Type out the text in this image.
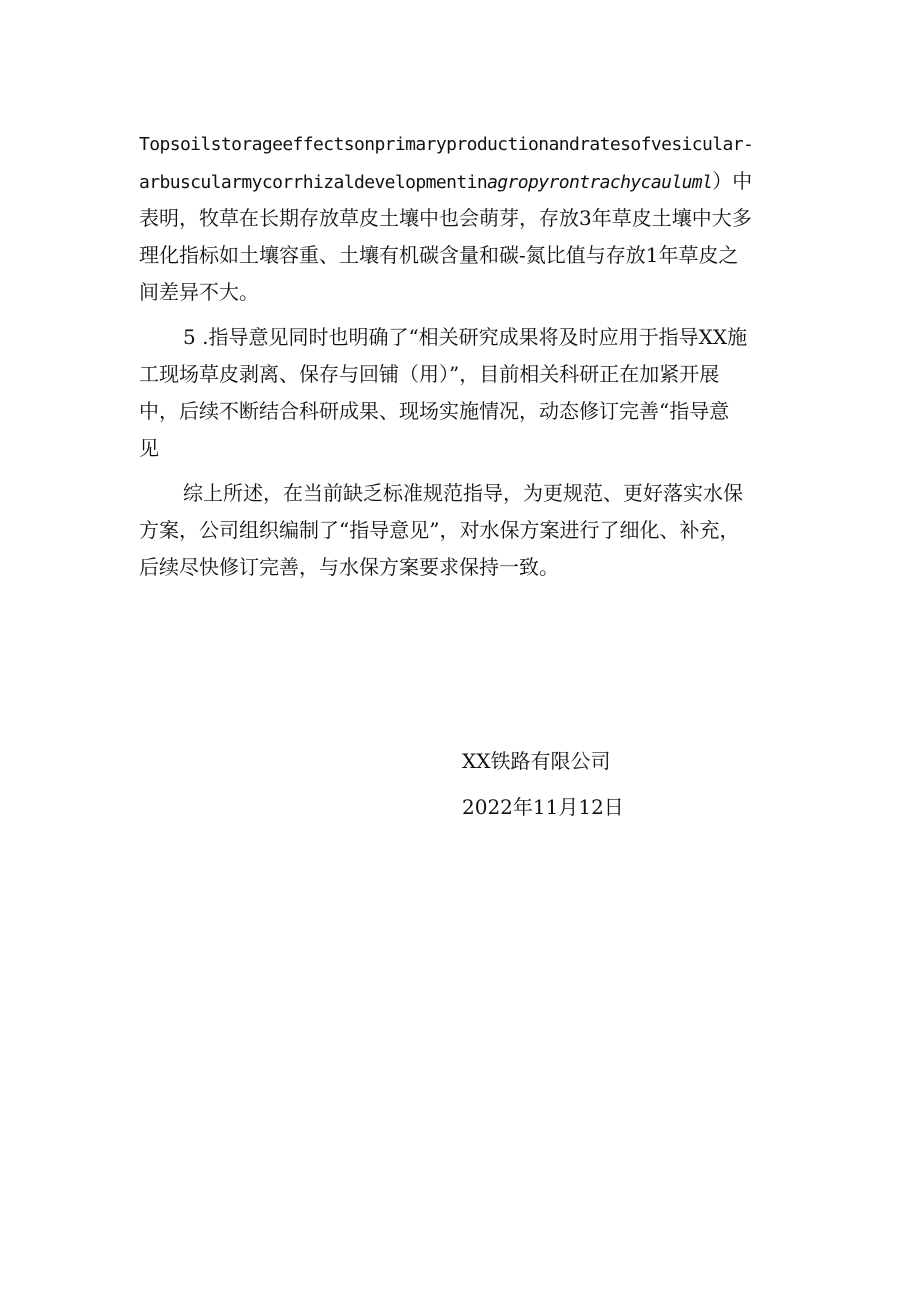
Topsoilstorageeffectsonprimaryproductionandratesofvesicular-
arbuscularmycorrhizaldevelopmentinagropyrontrachycauluml）中
表明，牧草在长期存放草皮土壤中也会萌芽，存放3年草皮土壤中大多
理化指标如土壤容重、土壤有机碳含量和碳-氮比值与存放1年草皮之
间差异不大。
5 .指导意见同时也明确了“相关研究成果将及时应用于指导XX施
工现场草皮剥离、保存与回铺（用）”，目前相关科研正在加紧开展
中，后续不断结合科研成果、现场实施情况，动态修订完善“指导意
见
综上所述，在当前缺乏标准规范指导，为更规范、更好落实水保
方案，公司组织编制了“指导意见”，对水保方案进行了细化、补充，
后续尽快修订完善，与水保方案要求保持一致。
XX铁路有限公司
2022年11月12日
